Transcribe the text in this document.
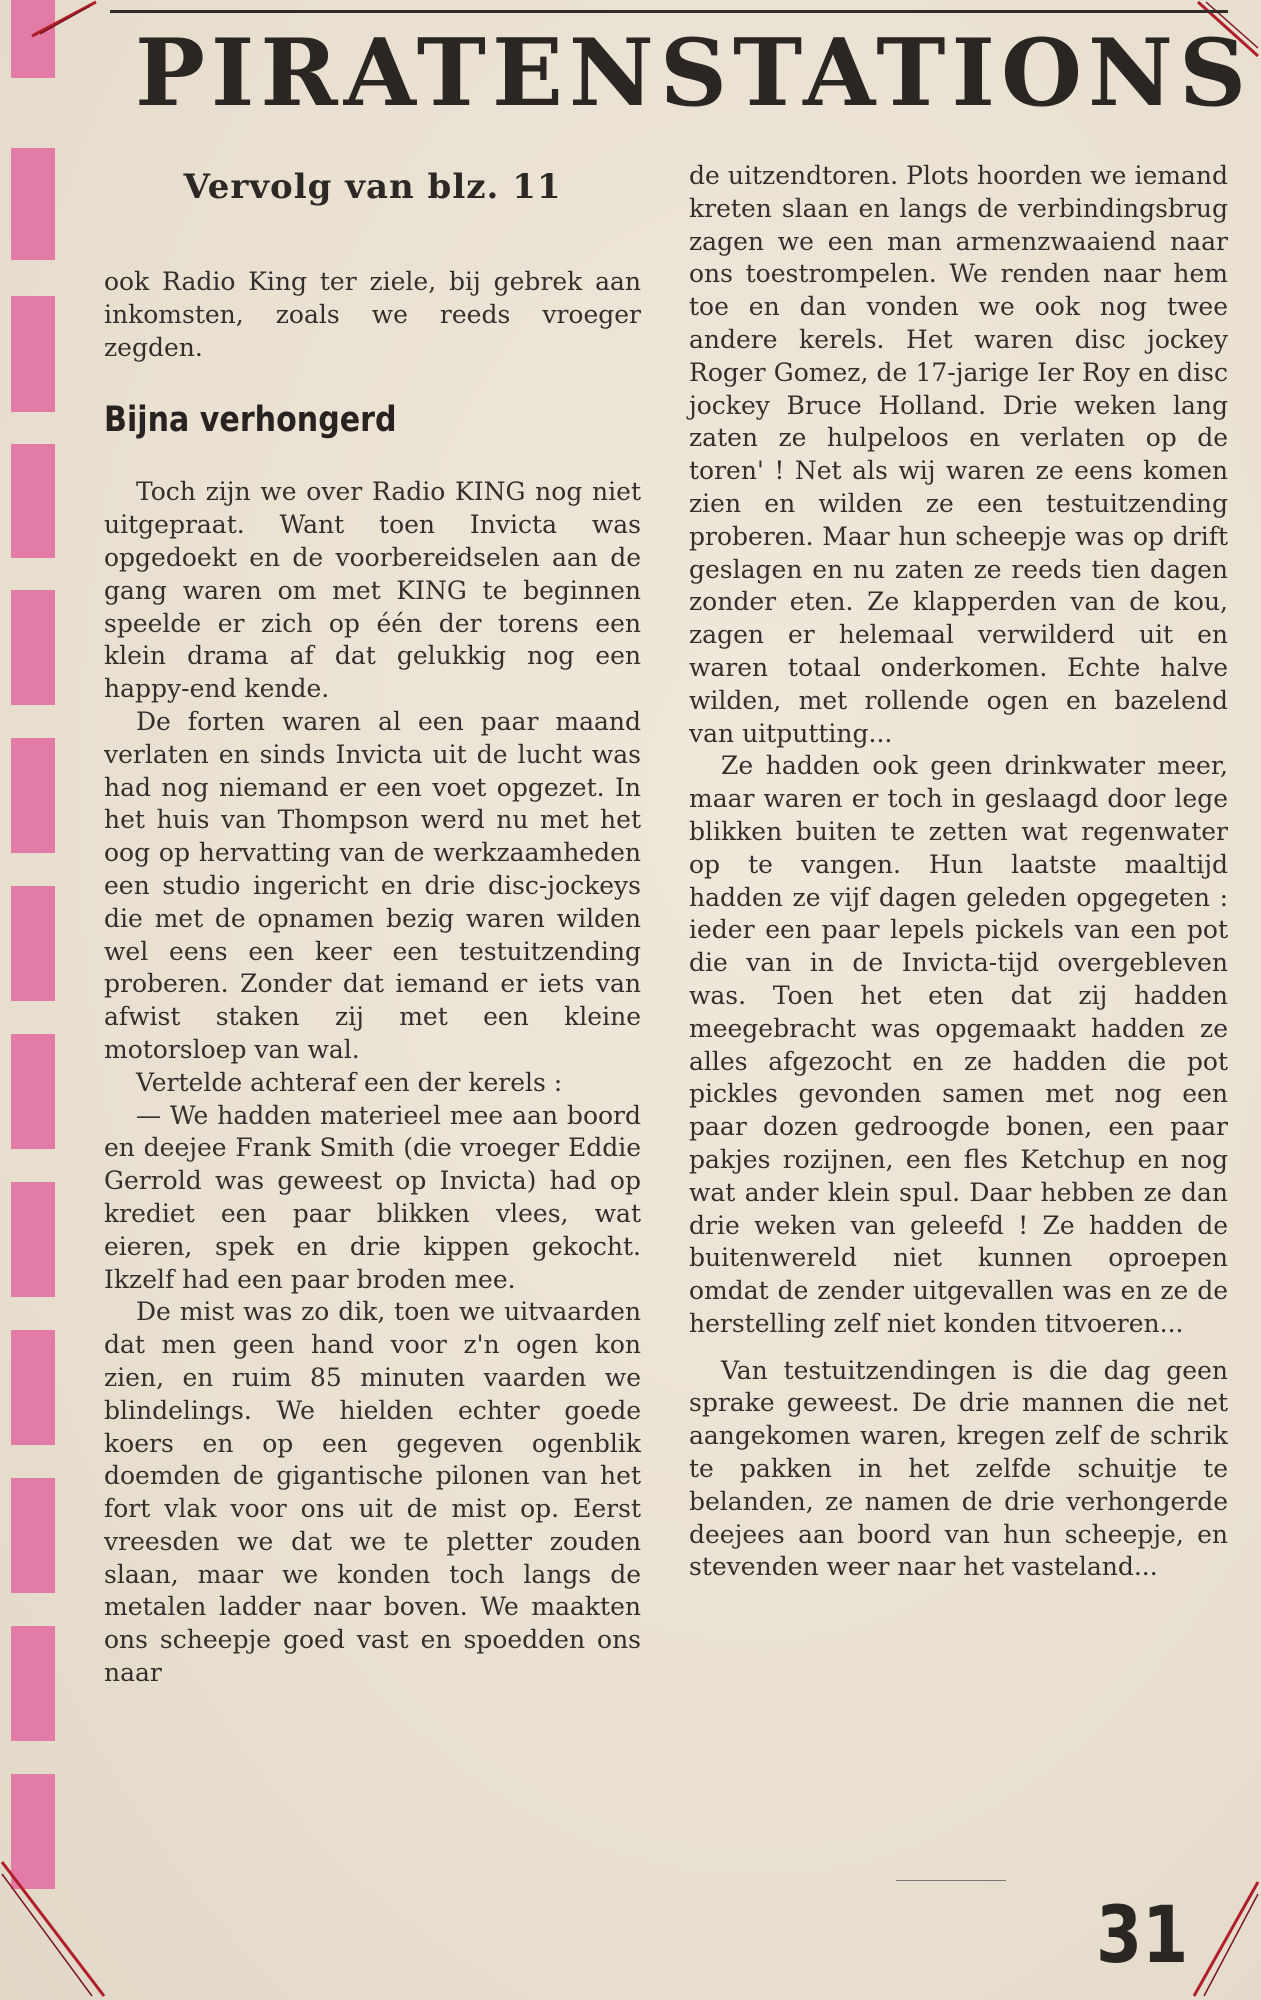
PIRATENSTATIONS
Vervolg van blz. 11

ook Radio King ter ziele, bij gebrek aan inkomsten, zoals we reeds vroeger zegden.

Bijna verhongerd

Toch zijn we over Radio KING nog niet uitgepraat. Want toen Invicta was opgedoekt en de voorbereidselen aan de gang waren om met KING te beginnen speelde er zich op één der torens een klein drama af dat gelukkig nog een happy-end kende.

De forten waren al een paar maand verlaten en sinds Invicta uit de lucht was had nog niemand er een voet opgezet. In het huis van Thompson werd nu met het oog op hervatting van de werkzaamheden een studio ingericht en drie disc-jockeys die met de opnamen bezig waren wilden wel eens een keer een testuitzending proberen. Zonder dat iemand er iets van afwist staken zij met een kleine motorsloep van wal.

Vertelde achteraf een der kerels :

— We hadden materieel mee aan boord en deejee Frank Smith (die vroeger Eddie Gerrold was geweest op Invicta) had op krediet een paar blikken vlees, wat eieren, spek en drie kippen gekocht. Ikzelf had een paar broden mee.

De mist was zo dik, toen we uitvaarden dat men geen hand voor z'n ogen kon zien, en ruim 85 minuten vaarden we blindelings. We hielden echter goede koers en op een gegeven ogenblik doemden de gigantische pilonen van het fort vlak voor ons uit de mist op. Eerst vreesden we dat we te pletter zouden slaan, maar we konden toch langs de metalen ladder naar boven. We maakten ons scheepje goed vast en spoedden ons naar

de uitzendtoren. Plots hoorden we iemand kreten slaan en langs de verbindingsbrug zagen we een man armenzwaaiend naar ons toestrompelen. We renden naar hem toe en dan vonden we ook nog twee andere kerels. Het waren disc jockey Roger Gomez, de 17-jarige Ier Roy en disc jockey Bruce Holland. Drie weken lang zaten ze hulpeloos en verlaten op de toren' ! Net als wij waren ze eens komen zien en wilden ze een testuitzending proberen. Maar hun scheepje was op drift geslagen en nu zaten ze reeds tien dagen zonder eten. Ze klapperden van de kou, zagen er helemaal verwilderd uit en waren totaal onderkomen. Echte halve wilden, met rollende ogen en bazelend van uitputting...

Ze hadden ook geen drinkwater meer, maar waren er toch in geslaagd door lege blikken buiten te zetten wat regenwater op te vangen. Hun laatste maaltijd hadden ze vijf dagen geleden opgegeten : ieder een paar lepels pickels van een pot die van in de Invicta-tijd overgebleven was. Toen het eten dat zij hadden meegebracht was opgemaakt hadden ze alles afgezocht en ze hadden die pot pickles gevonden samen met nog een paar dozen gedroogde bonen, een paar pakjes rozijnen, een fles Ketchup en nog wat ander klein spul. Daar hebben ze dan drie weken van geleefd ! Ze hadden de buitenwereld niet kunnen oproepen omdat de zender uitgevallen was en ze de herstelling zelf niet konden titvoeren...

Van testuitzendingen is die dag geen sprake geweest. De drie mannen die net aangekomen waren, kregen zelf de schrik te pakken in het zelfde schuitje te belanden, ze namen de drie verhongerde deejees aan boord van hun scheepje, en stevenden weer naar het vasteland...

31
